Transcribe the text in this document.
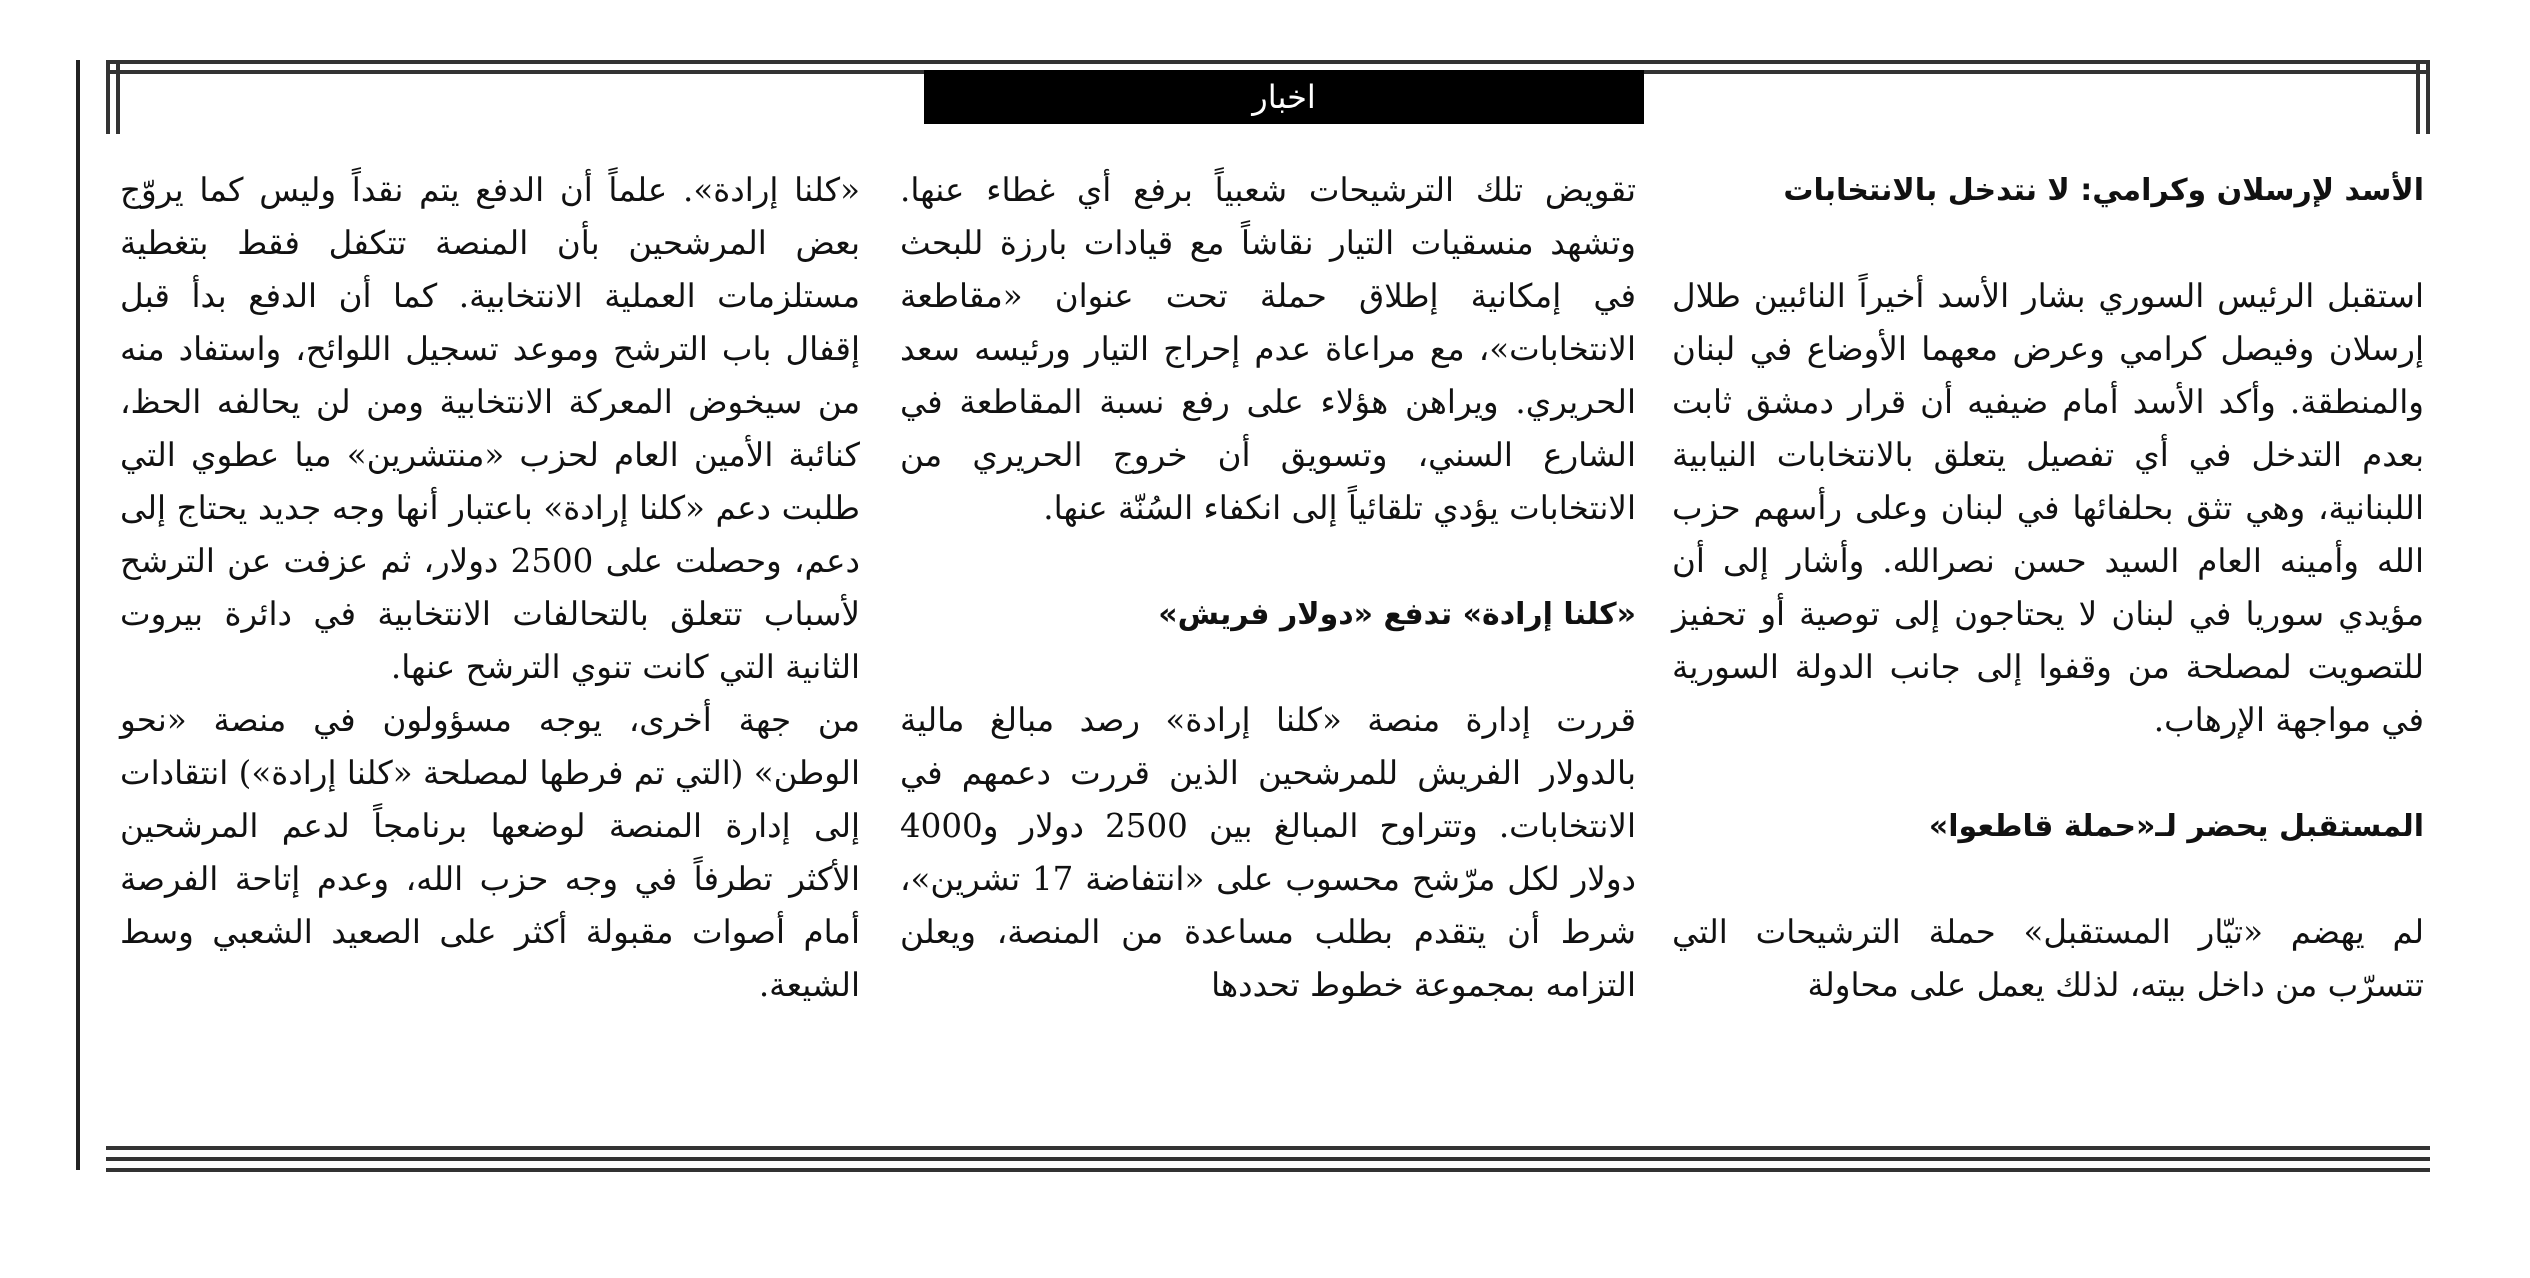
اخبار
الأسد لإرسلان وكرامي: لا نتدخل بالانتخابات

استقبل الرئيس السوري بشار الأسد أخيراً النائبين طلال إرسلان وفيصل كرامي وعرض معهما الأوضاع في لبنان والمنطقة. وأكد الأسد أمام ضيفيه أن قرار دمشق ثابت بعدم التدخل في أي تفصيل يتعلق بالانتخابات النيابية اللبنانية، وهي تثق بحلفائها في لبنان وعلى رأسهم حزب الله وأمينه العام السيد حسن نصرالله. وأشار إلى أن مؤيدي سوريا في لبنان لا يحتاجون إلى توصية أو تحفيز للتصويت لمصلحة من وقفوا إلى جانب الدولة السورية في مواجهة الإرهاب.

المستقبل يحضر لـ«حملة قاطعوا»

لم يهضم «تيّار المستقبل» حملة الترشيحات التي تتسرّب من داخل بيته، لذلك يعمل على محاولة

تقويض تلك الترشيحات شعبياً برفع أي غطاء عنها. وتشهد منسقيات التيار نقاشاً مع قيادات بارزة للبحث في إمكانية إطلاق حملة تحت عنوان «مقاطعة الانتخابات»، مع مراعاة عدم إحراج التيار ورئيسه سعد الحريري. ويراهن هؤلاء على رفع نسبة المقاطعة في الشارع السني، وتسويق أن خروج الحريري من الانتخابات يؤدي تلقائياً إلى انكفاء السُنّة عنها.

«كلنا إرادة» تدفع «دولار فريش»

قررت إدارة منصة «كلنا إرادة» رصد مبالغ مالية بالدولار الفريش للمرشحين الذين قررت دعمهم في الانتخابات. وتتراوح المبالغ بين 2500 دولار و4000 دولار لكل مرّشح محسوب على «انتفاضة 17 تشرين»، شرط أن يتقدم بطلب مساعدة من المنصة، ويعلن التزامه بمجموعة خطوط تحددها

«كلنا إرادة». علماً أن الدفع يتم نقداً وليس كما يروّج بعض المرشحين بأن المنصة تتكفل فقط بتغطية مستلزمات العملية الانتخابية. كما أن الدفع بدأ قبل إقفال باب الترشح وموعد تسجيل اللوائح، واستفاد منه من سيخوض المعركة الانتخابية ومن لن يحالفه الحظ، كنائبة الأمين العام لحزب «منتشرين» ميا عطوي التي طلبت دعم «كلنا إرادة» باعتبار أنها وجه جديد يحتاج إلى دعم، وحصلت على 2500 دولار، ثم عزفت عن الترشح لأسباب تتعلق بالتحالفات الانتخابية في دائرة بيروت الثانية التي كانت تنوي الترشح عنها.

من جهة أخرى، يوجه مسؤولون في منصة «نحو الوطن» (التي تم فرطها لمصلحة «كلنا إرادة») انتقادات إلى إدارة المنصة لوضعها برنامجاً لدعم المرشحين الأكثر تطرفاً في وجه حزب الله، وعدم إتاحة الفرصة أمام أصوات مقبولة أكثر على الصعيد الشعبي وسط الشيعة.
